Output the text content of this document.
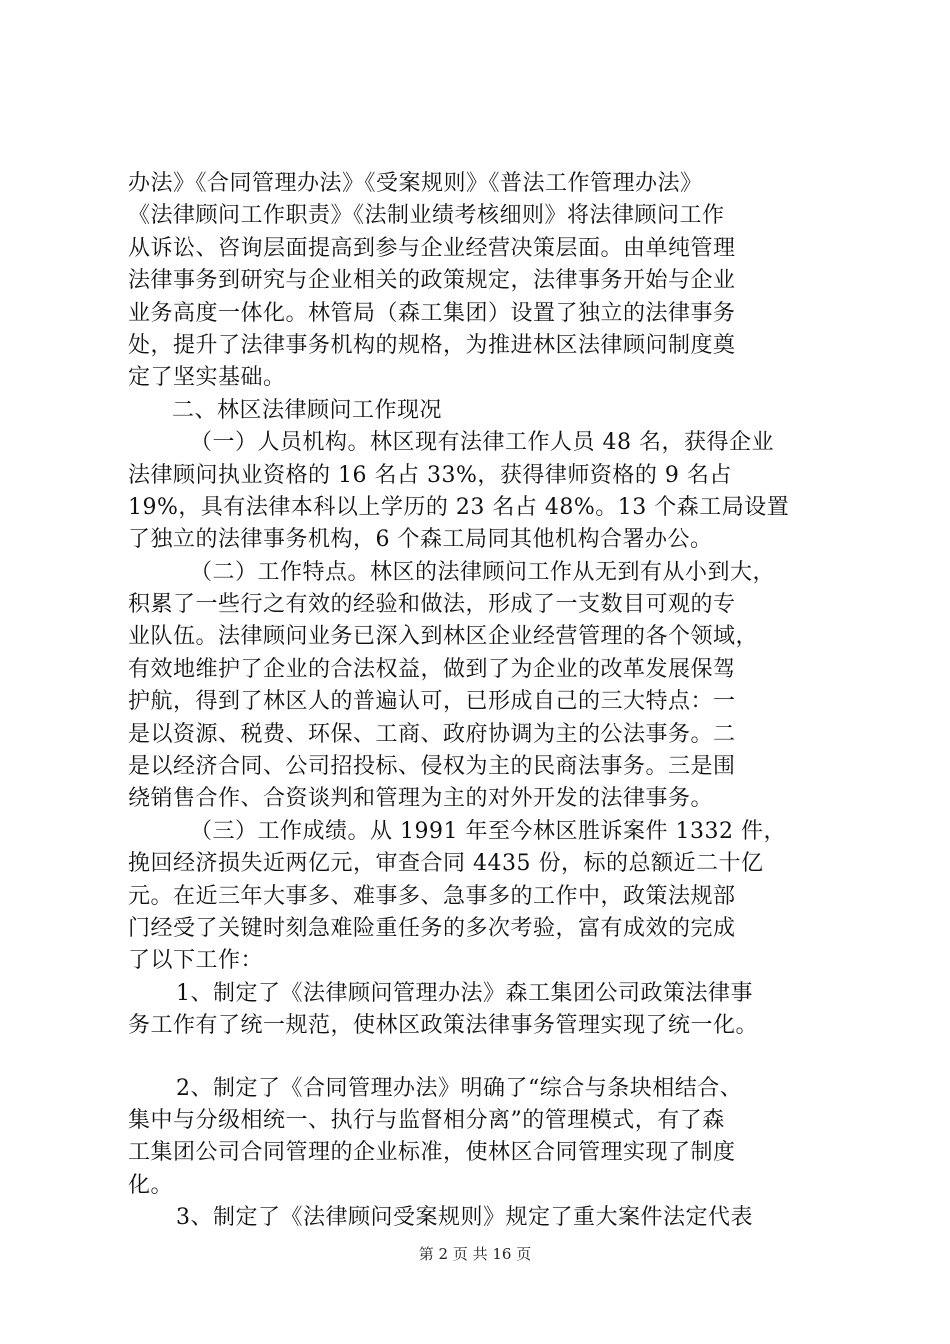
办法》《合同管理办法》《受案规则》《普法工作管理办法》
《法律顾问工作职责》《法制业绩考核细则》将法律顾问工作
从诉讼、咨询层面提高到参与企业经营决策层面。由单纯管理
法律事务到研究与企业相关的政策规定，法律事务开始与企业
业务高度一体化。林管局（森工集团）设置了独立的法律事务
处，提升了法律事务机构的规格，为推进林区法律顾问制度奠
定了坚实基础。
二、林区法律顾问工作现况
（一）人员机构。林区现有法律工作人员 48 名，获得企业
法律顾问执业资格的 16 名占 33%，获得律师资格的 9 名占
19%，具有法律本科以上学历的 23 名占 48%。13 个森工局设置
了独立的法律事务机构，6 个森工局同其他机构合署办公。
（二）工作特点。林区的法律顾问工作从无到有从小到大，
积累了一些行之有效的经验和做法，形成了一支数目可观的专
业队伍。法律顾问业务已深入到林区企业经营管理的各个领域，
有效地维护了企业的合法权益，做到了为企业的改革发展保驾
护航，得到了林区人的普遍认可，已形成自己的三大特点：一
是以资源、税费、环保、工商、政府协调为主的公法事务。二
是以经济合同、公司招投标、侵权为主的民商法事务。三是围
绕销售合作、合资谈判和管理为主的对外开发的法律事务。
（三）工作成绩。从 1991 年至今林区胜诉案件 1332 件，
挽回经济损失近两亿元，审查合同 4435 份，标的总额近二十亿
元。在近三年大事多、难事多、急事多的工作中，政策法规部
门经受了关键时刻急难险重任务的多次考验，富有成效的完成
了以下工作：
1、制定了《法律顾问管理办法》森工集团公司政策法律事
务工作有了统一规范，使林区政策法律事务管理实现了统一化。
2、制定了《合同管理办法》明确了“综合与条块相结合、
集中与分级相统一、执行与监督相分离”的管理模式，有了森
工集团公司合同管理的企业标准，使林区合同管理实现了制度
化。
3、制定了《法律顾问受案规则》规定了重大案件法定代表
第 2 页 共 16 页
